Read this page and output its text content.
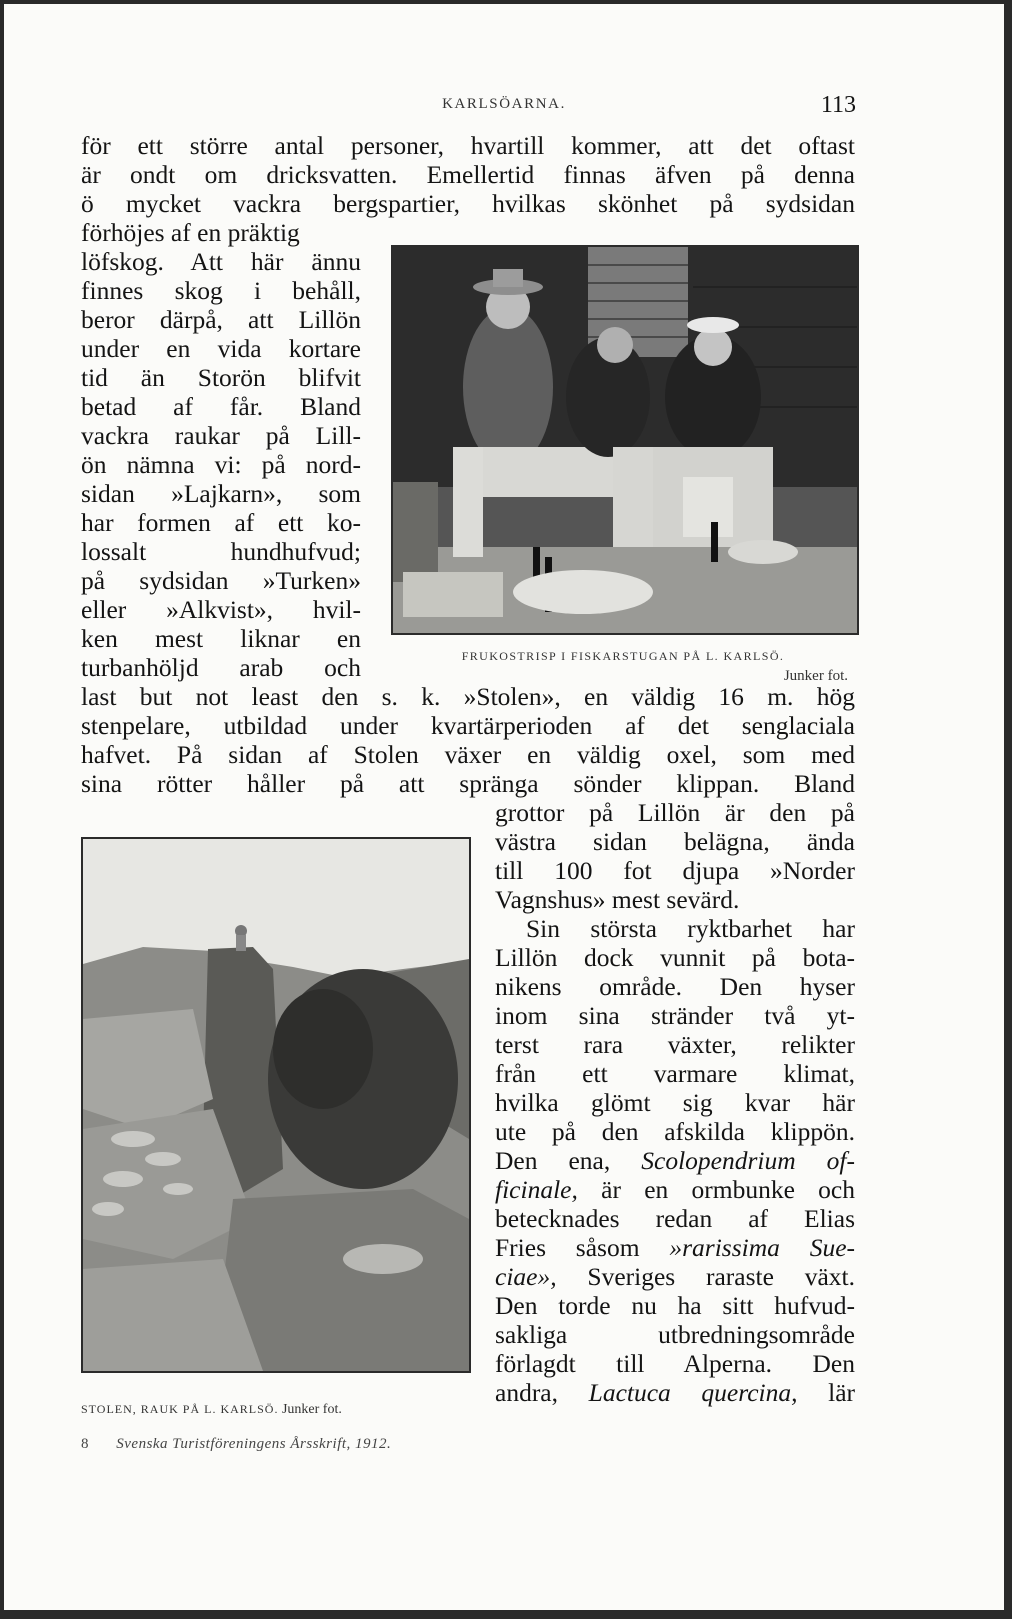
KARLSÖARNA.	113
för ett större antal personer, hvartill kommer, att det oftast
är ondt om dricksvatten. Emellertid finnas äfven på denna
ö mycket vackra bergspartier, hvilkas skönhet på sydsidan
förhöjes af en präktig
löfskog. Att här ännu
finnes skog i behåll,
beror därpå, att Lillön
under en vida kortare
tid än Storön blifvit
betad af får. Bland
vackra raukar på Lill-
ön nämna vi: på nord-
sidan »Lajkarn», som
har formen af ett ko-
lossalt hundhufvud;
på sydsidan »Turken»
eller »Alkvist», hvil-
ken mest liknar en
turbanhöljd arab och
last but not least den s. k. »Stolen», en väldig 16 m. hög
stenpelare, utbildad under kvartärperioden af det senglaciala
hafvet. På sidan af Stolen växer en väldig oxel, som med
sina rötter håller på att spränga sönder klippan. Bland
grottor på Lillön är den på
västra sidan belägna, ända
till 100 fot djupa »Norder
Vagnshus» mest sevärd.
Sin största ryktbarhet har
Lillön dock vunnit på bota-
nikens område. Den hyser
inom sina stränder två yt-
terst rara växter, relikter
från ett varmare klimat,
hvilka glömt sig kvar här
ute på den afskilda klippön.
Den ena, Scolopendrium of-
ficinale, är en ormbunke och
betecknades redan af Elias
Fries såsom »rarissima Sue-
ciae», Sveriges raraste växt.
Den torde nu ha sitt hufvud-
sakliga utbredningsområde
förlagdt till Alperna. Den
andra, Lactuca quercina, lär
FRUKOSTRISP I FISKARSTUGAN PÅ L. KARLSÖ.
Junker fot.
STOLEN, RAUK PÅ L. KARLSÖ. Junker fot.
8 Svenska Turistföreningens Årsskrift, 1912.
